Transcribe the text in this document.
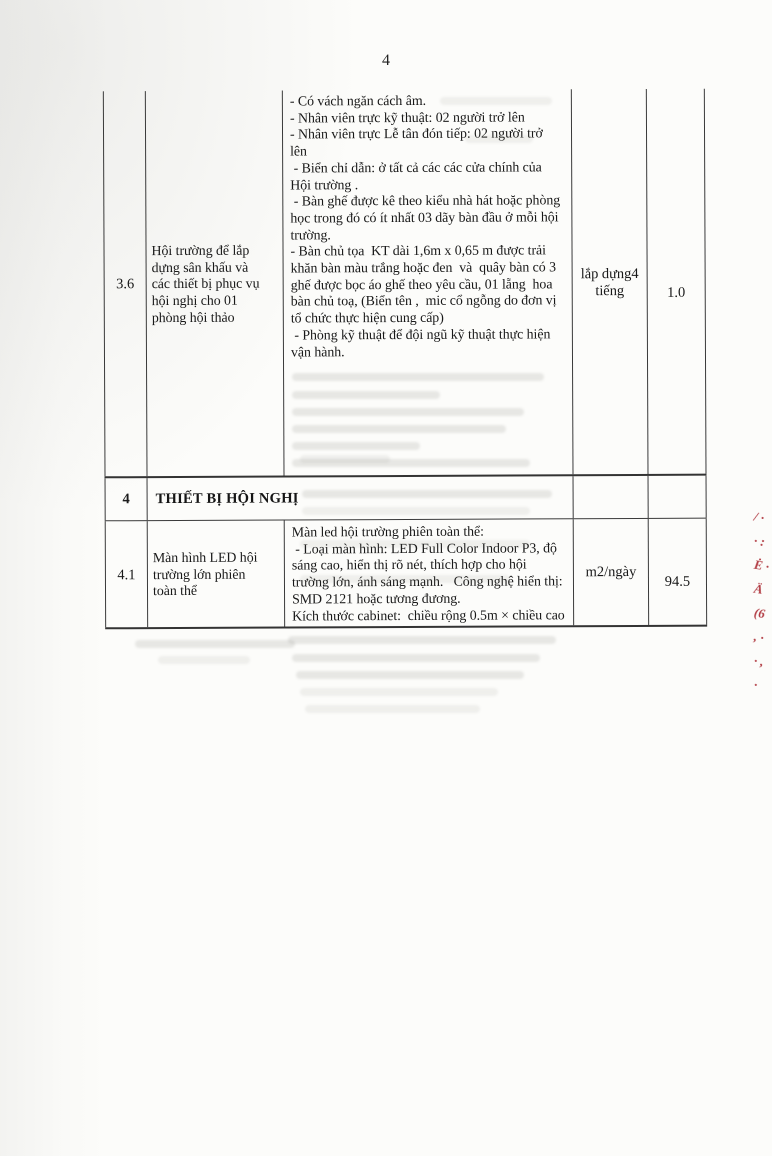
4
3.6
Hội trường để lắp
dựng sân khấu và
các thiết bị phục vụ
hội nghị cho 01
phòng hội thảo
- Có vách ngăn cách âm.
- Nhân viên trực kỹ thuật: 02 người trở lên
- Nhân viên trực Lễ tân đón tiếp: 02 người trở
lên
- Biển chỉ dẫn: ở tất cả các các cửa chính của
Hội trường .
- Bàn ghế được kê theo kiểu nhà hát hoặc phòng
học trong đó có ít nhất 03 dãy bàn đầu ở mỗi hội
trường.
- Bàn chủ tọa  KT dài 1,6m x 0,65 m được trải
khăn bàn màu trắng hoặc đen  và  quây bàn có 3
ghế được bọc áo ghế theo yêu cầu, 01 lẵng  hoa
bàn chủ toạ, (Biển tên ,  mic cổ ngỗng do đơn vị
tổ chức thực hiện cung cấp)
- Phòng kỹ thuật để đội ngũ kỹ thuật thực hiện
vận hành.
lắp dựng4
tiếng	1.0
4 THIẾT BỊ HỘI NGHỊ
4.1
Màn hình LED hội
trường lớn phiên
toàn thể
Màn led hội trường phiên toàn thể:
- Loại màn hình: LED Full Color Indoor P3, độ
sáng cao, hiển thị rõ nét, thích hợp cho hội
trường lớn, ánh sáng mạnh.   Công nghệ hiển thị:
SMD 2121 hoặc tương đương.
Kích thước cabinet:  chiều rộng 0.5m × chiều cao
m2/ngày
94.5
/ ·
· :
Ė ·
Ä
(6
, ·
· ,
·
